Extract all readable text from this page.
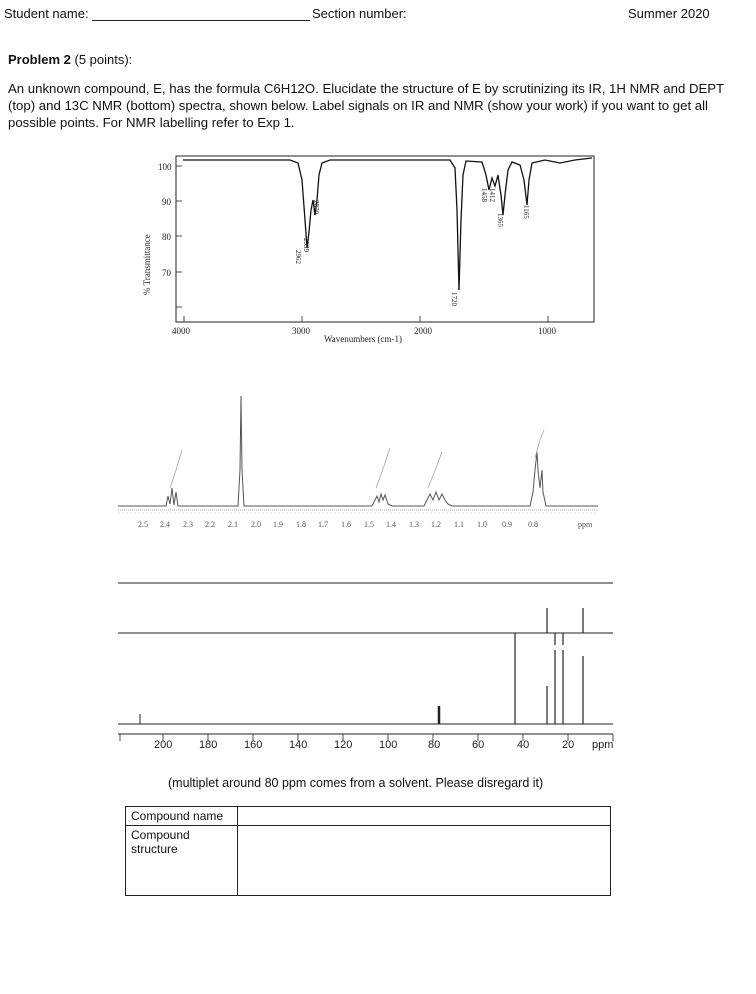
Student name:	Section number:	Summer 2020
Problem 2 (5 points):
An unknown compound, E, has the formula C6H12O. Elucidate the structure of E by scrutinizing its IR, 1H NMR and DEPT (top) and 13C NMR (bottom) spectra, shown below. Label signals on IR and NMR (show your work) if you want to get all possible points. For NMR labelling refer to Exp 1.
% Transmittance
100
90
80
70
4000	3000	2000	1000
Wavenumbers (cm-1)
2962
2939
2870
1720
1458 1412
1365
1165
2.5 2.4 2.3 2.2 2.1 2.0 1.9 1.8 1.7 1.6 1.5 1.4 1.3 1.2 1.1 1.0 0.9 0.8	ppm
200 180 160 140 120 100	80	60	40	20 ppm
(multiplet around 80 ppm comes from a solvent. Please disregard it)
Compound name	
Compound structure	
